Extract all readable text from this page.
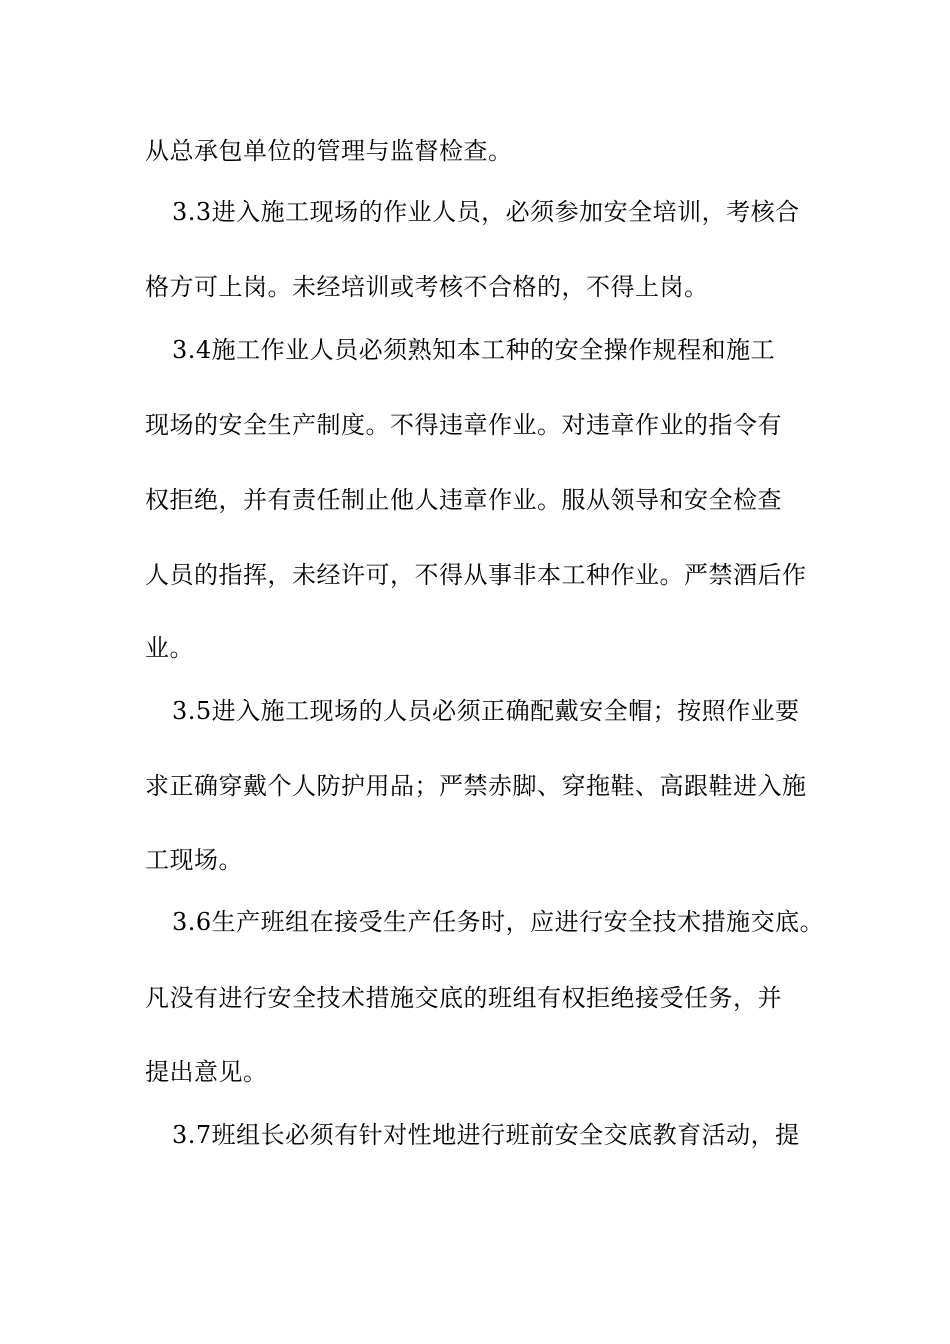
从总承包单位的管理与监督检查。

3.3进入施工现场的作业人员，必须参加安全培训，考核合

格方可上岗。未经培训或考核不合格的，不得上岗。

3.4施工作业人员必须熟知本工种的安全操作规程和施工

现场的安全生产制度。不得违章作业。对违章作业的指令有

权拒绝，并有责任制止他人违章作业。服从领导和安全检查

人员的指挥，未经许可，不得从事非本工种作业。严禁酒后作

业。

3.5进入施工现场的人员必须正确配戴安全帽；按照作业要

求正确穿戴个人防护用品；严禁赤脚、穿拖鞋、高跟鞋进入施

工现场。

3.6生产班组在接受生产任务时，应进行安全技术措施交底。

凡没有进行安全技术措施交底的班组有权拒绝接受任务，并

提出意见。

3.7班组长必须有针对性地进行班前安全交底教育活动，提
